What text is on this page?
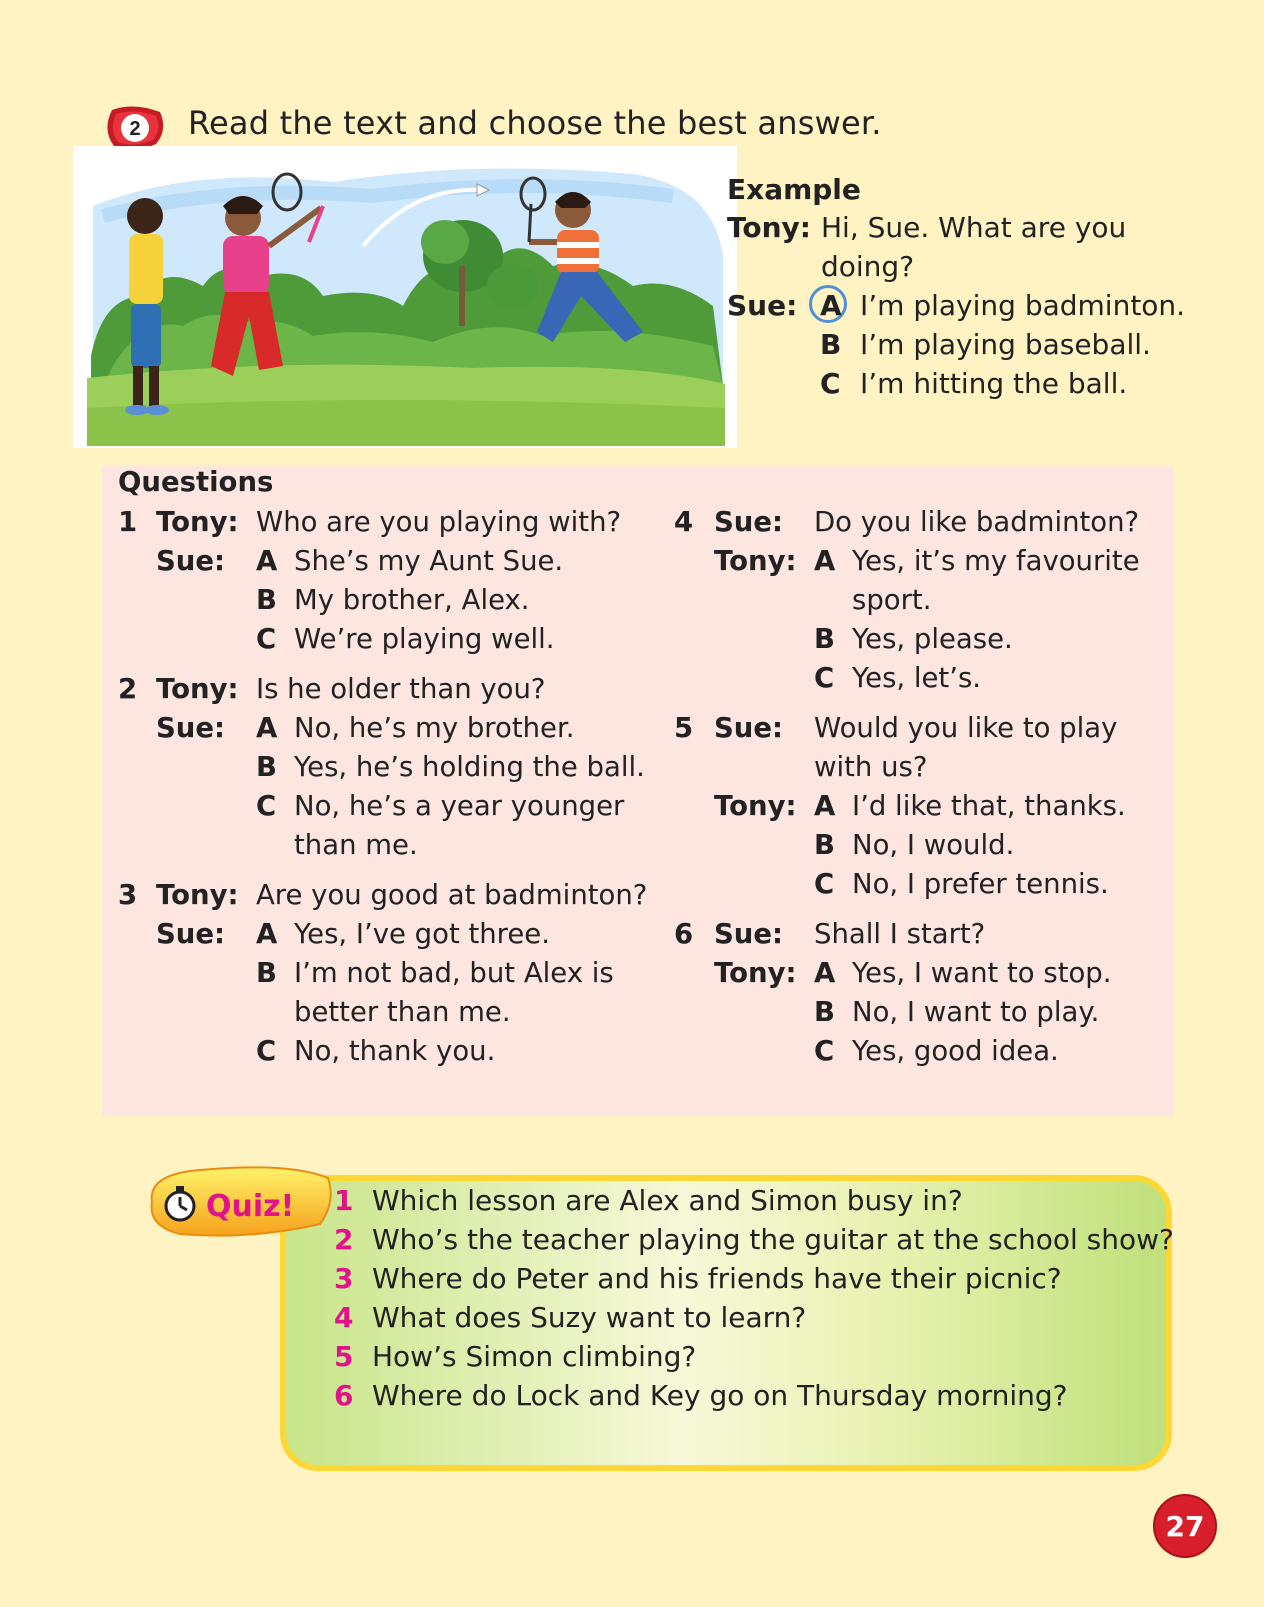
2 Read the text and choose the best answer.
Example
Tony: Hi, Sue. What are you
doing?
Sue: A I’m playing badminton.
B I’m playing baseball.
C I’m hitting the ball.
Questions
1 Tony: Who are you playing with?
Sue: A She’s my Aunt Sue.
B My brother, Alex.
C We’re playing well.
2 Tony: Is he older than you?
Sue: A No, he’s my brother.
B Yes, he’s holding the ball.
C No, he’s a year younger
than me.
3 Tony: Are you good at badminton?
Sue: A Yes, I’ve got three.
B I’m not bad, but Alex is
better than me.
C No, thank you.
4 Sue: Do you like badminton?
Tony: A Yes, it’s my favourite
sport.
B Yes, please.
C Yes, let’s.
5 Sue: Would you like to play
with us?
Tony: A I’d like that, thanks.
B No, I would.
C No, I prefer tennis.
6 Sue: Shall I start?
Tony: A Yes, I want to stop.
B No, I want to play.
C Yes, good idea.
1 Which lesson are Alex and Simon busy in?
2 Who’s the teacher playing the guitar at the school show?
3 Where do Peter and his friends have their picnic?
4 What does Suzy want to learn?
5 How’s Simon climbing?
6 Where do Lock and Key go on Thursday morning?
Quiz!
27
